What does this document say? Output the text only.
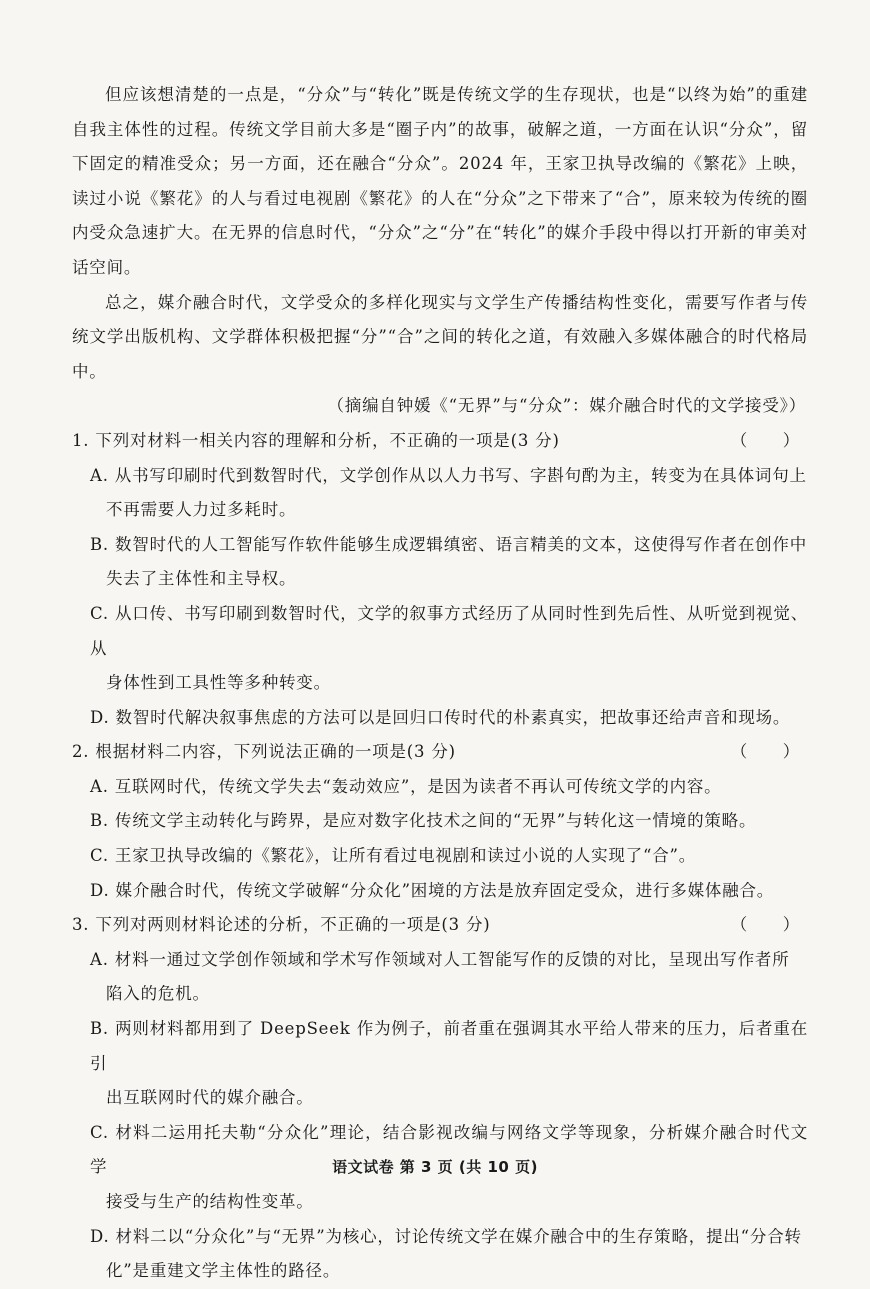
但应该想清楚的一点是，“分众”与“转化”既是传统文学的生存现状，也是“以终为始”的重建自我主体性的过程。传统文学目前大多是“圈子内”的故事，破解之道，一方面在认识“分众”，留下固定的精准受众；另一方面，还在融合“分众”。2024 年，王家卫执导改编的《繁花》上映，读过小说《繁花》的人与看过电视剧《繁花》的人在“分众”之下带来了“合”，原来较为传统的圈内受众急速扩大。在无界的信息时代，“分众”之“分”在“转化”的媒介手段中得以打开新的审美对话空间。

总之，媒介融合时代，文学受众的多样化现实与文学生产传播结构性变化，需要写作者与传统文学出版机构、文学群体积极把握“分”“合”之间的转化之道，有效融入多媒体融合的时代格局中。

（摘编自钟媛《“无界”与“分众”：媒介融合时代的文学接受》）

1. 下列对材料一相关内容的理解和分析，不正确的一项是(3 分)	（　　）

A. 从书写印刷时代到数智时代，文学创作从以人力书写、字斟句酌为主，转变为在具体词句上
不再需要人力过多耗时。

B. 数智时代的人工智能写作软件能够生成逻辑缜密、语言精美的文本，这使得写作者在创作中
失去了主体性和主导权。

C. 从口传、书写印刷到数智时代，文学的叙事方式经历了从同时性到先后性、从听觉到视觉、从
身体性到工具性等多种转变。

D. 数智时代解决叙事焦虑的方法可以是回归口传时代的朴素真实，把故事还给声音和现场。

2. 根据材料二内容，下列说法正确的一项是(3 分)	（　　）

A. 互联网时代，传统文学失去“轰动效应”，是因为读者不再认可传统文学的内容。

B. 传统文学主动转化与跨界，是应对数字化技术之间的“无界”与转化这一情境的策略。

C. 王家卫执导改编的《繁花》，让所有看过电视剧和读过小说的人实现了“合”。

D. 媒介融合时代，传统文学破解“分众化”困境的方法是放弃固定受众，进行多媒体融合。

3. 下列对两则材料论述的分析，不正确的一项是(3 分)	（　　）

A. 材料一通过文学创作领域和学术写作领域对人工智能写作的反馈的对比，呈现出写作者所
陷入的危机。

B. 两则材料都用到了 DeepSeek 作为例子，前者重在强调其水平给人带来的压力，后者重在引
出互联网时代的媒介融合。

C. 材料二运用托夫勒“分众化”理论，结合影视改编与网络文学等现象，分析媒介融合时代文学
接受与生产的结构性变革。

D. 材料二以“分众化”与“无界”为核心，讨论传统文学在媒介融合中的生存策略，提出“分合转
化”是重建文学主体性的路径。

语文试卷 第 3 页 (共 10 页)
